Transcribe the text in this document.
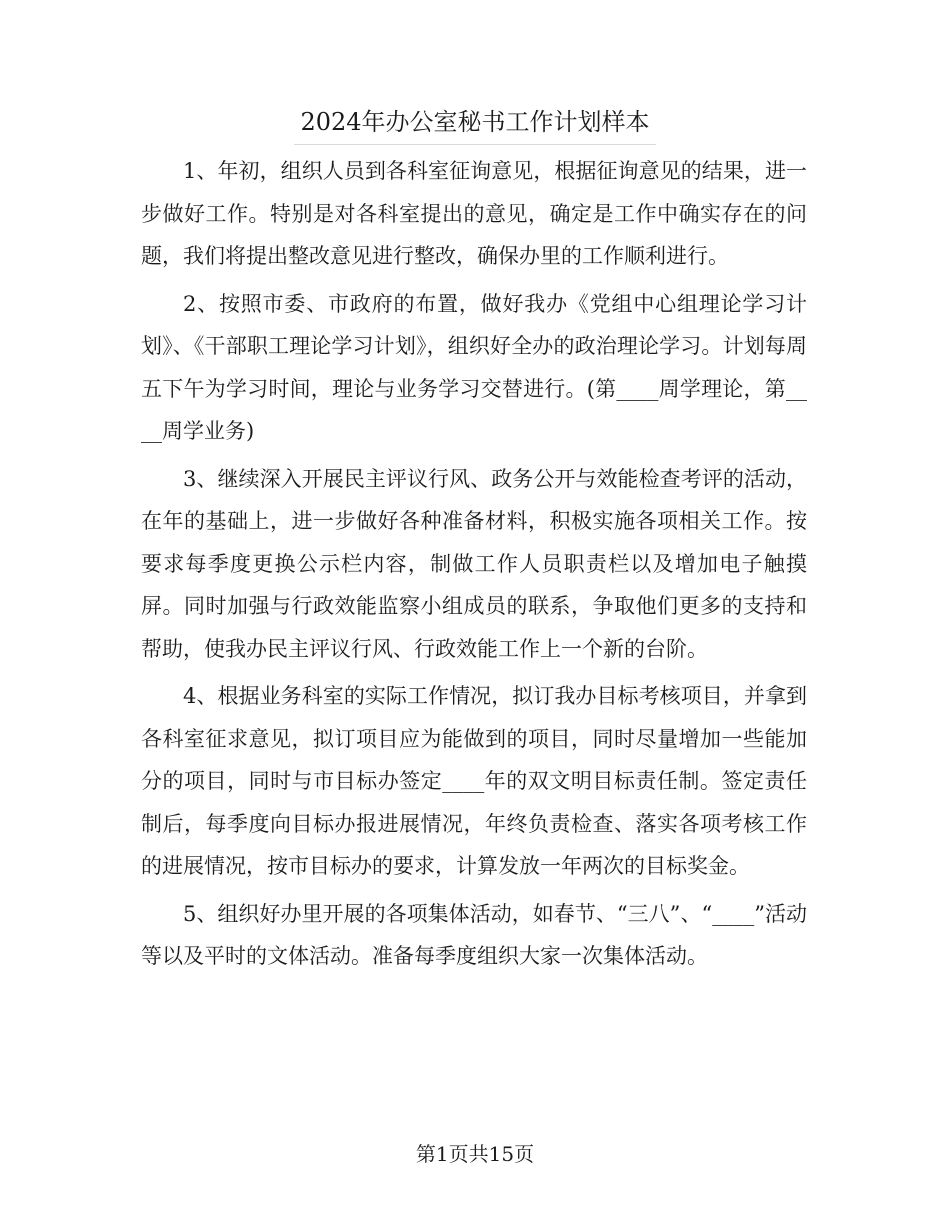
2024年办公室秘书工作计划样本

1、年初，组织人员到各科室征询意见，根据征询意见的结果，进一步做好工作。特别是对各科室提出的意见，确定是工作中确实存在的问题，我们将提出整改意见进行整改，确保办里的工作顺利进行。

2、按照市委、市政府的布置，做好我办《党组中心组理论学习计划》、《干部职工理论学习计划》，组织好全办的政治理论学习。计划每周五下午为学习时间，理论与业务学习交替进行。(第____周学理论，第____周学业务)

3、继续深入开展民主评议行风、政务公开与效能检查考评的活动，在年的基础上，进一步做好各种准备材料，积极实施各项相关工作。按要求每季度更换公示栏内容，制做工作人员职责栏以及增加电子触摸屏。同时加强与行政效能监察小组成员的联系，争取他们更多的支持和帮助，使我办民主评议行风、行政效能工作上一个新的台阶。

4、根据业务科室的实际工作情况，拟订我办目标考核项目，并拿到各科室征求意见，拟订项目应为能做到的项目，同时尽量增加一些能加分的项目，同时与市目标办签定____年的双文明目标责任制。签定责任制后，每季度向目标办报进展情况，年终负责检查、落实各项考核工作的进展情况，按市目标办的要求，计算发放一年两次的目标奖金。

5、组织好办里开展的各项集体活动，如春节、“三八”、“____”活动等以及平时的文体活动。准备每季度组织大家一次集体活动。

第1页共15页
